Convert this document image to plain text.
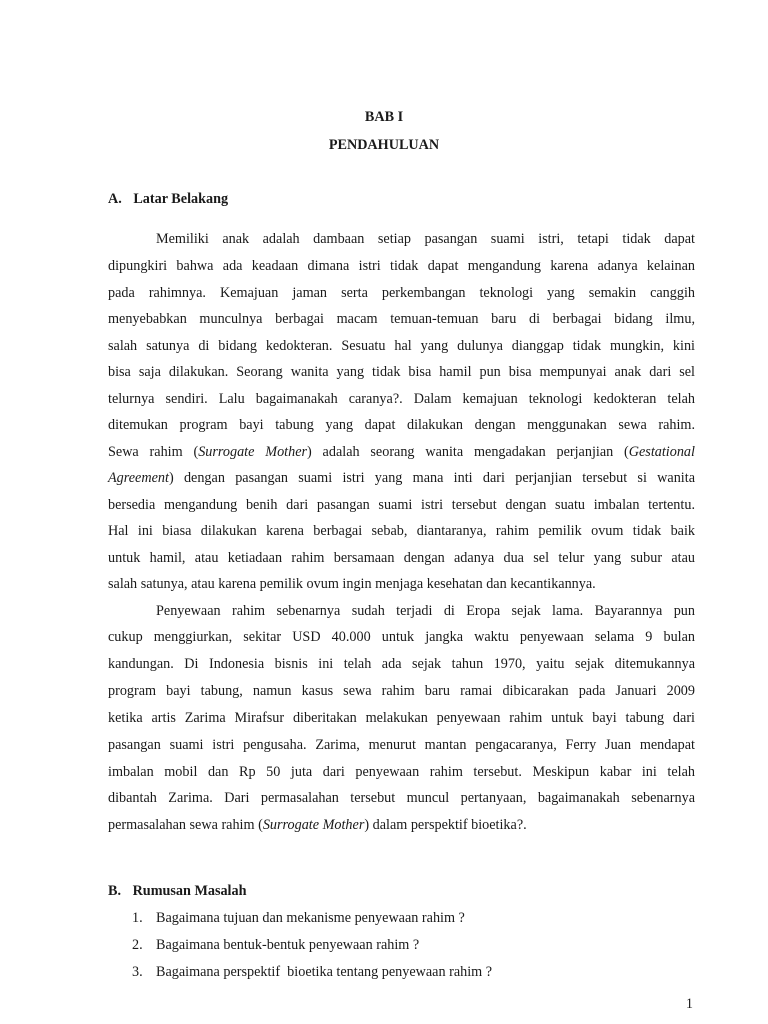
BAB I
PENDAHULUAN
A. Latar Belakang
Memiliki anak adalah dambaan setiap pasangan suami istri, tetapi tidak dapat
dipungkiri bahwa ada keadaan dimana istri tidak dapat mengandung karena adanya kelainan
pada rahimnya. Kemajuan jaman serta perkembangan teknologi yang semakin canggih
menyebabkan munculnya berbagai macam temuan-temuan baru di berbagai bidang ilmu,
salah satunya di bidang kedokteran. Sesuatu hal yang dulunya dianggap tidak mungkin, kini
bisa saja dilakukan. Seorang wanita yang tidak bisa hamil pun bisa mempunyai anak dari sel
telurnya sendiri. Lalu bagaimanakah caranya?. Dalam kemajuan teknologi kedokteran telah
ditemukan program bayi tabung yang dapat dilakukan dengan menggunakan sewa rahim.
Sewa rahim (Surrogate Mother) adalah seorang wanita mengadakan perjanjian (Gestational
Agreement) dengan pasangan suami istri yang mana inti dari perjanjian tersebut si wanita
bersedia mengandung benih dari pasangan suami istri tersebut dengan suatu imbalan tertentu.
Hal ini biasa dilakukan karena berbagai sebab, diantaranya, rahim pemilik ovum tidak baik
untuk hamil, atau ketiadaan rahim bersamaan dengan adanya dua sel telur yang subur atau
salah satunya, atau karena pemilik ovum ingin menjaga kesehatan dan kecantikannya.
Penyewaan rahim sebenarnya sudah terjadi di Eropa sejak lama. Bayarannya pun
cukup menggiurkan, sekitar USD 40.000 untuk jangka waktu penyewaan selama 9 bulan
kandungan. Di Indonesia bisnis ini telah ada sejak tahun 1970, yaitu sejak ditemukannya
program bayi tabung, namun kasus sewa rahim baru ramai dibicarakan pada Januari 2009
ketika artis Zarima Mirafsur diberitakan melakukan penyewaan rahim untuk bayi tabung dari
pasangan suami istri pengusaha. Zarima, menurut mantan pengacaranya, Ferry Juan mendapat
imbalan mobil dan Rp 50 juta dari penyewaan rahim tersebut. Meskipun kabar ini telah
dibantah Zarima. Dari permasalahan tersebut muncul pertanyaan, bagaimanakah sebenarnya
permasalahan sewa rahim (Surrogate Mother) dalam perspektif bioetika?.
B. Rumusan Masalah
1. Bagaimana tujuan dan mekanisme penyewaan rahim ?
2. Bagaimana bentuk-bentuk penyewaan rahim ?
3. Bagaimana perspektif  bioetika tentang penyewaan rahim ?
1
